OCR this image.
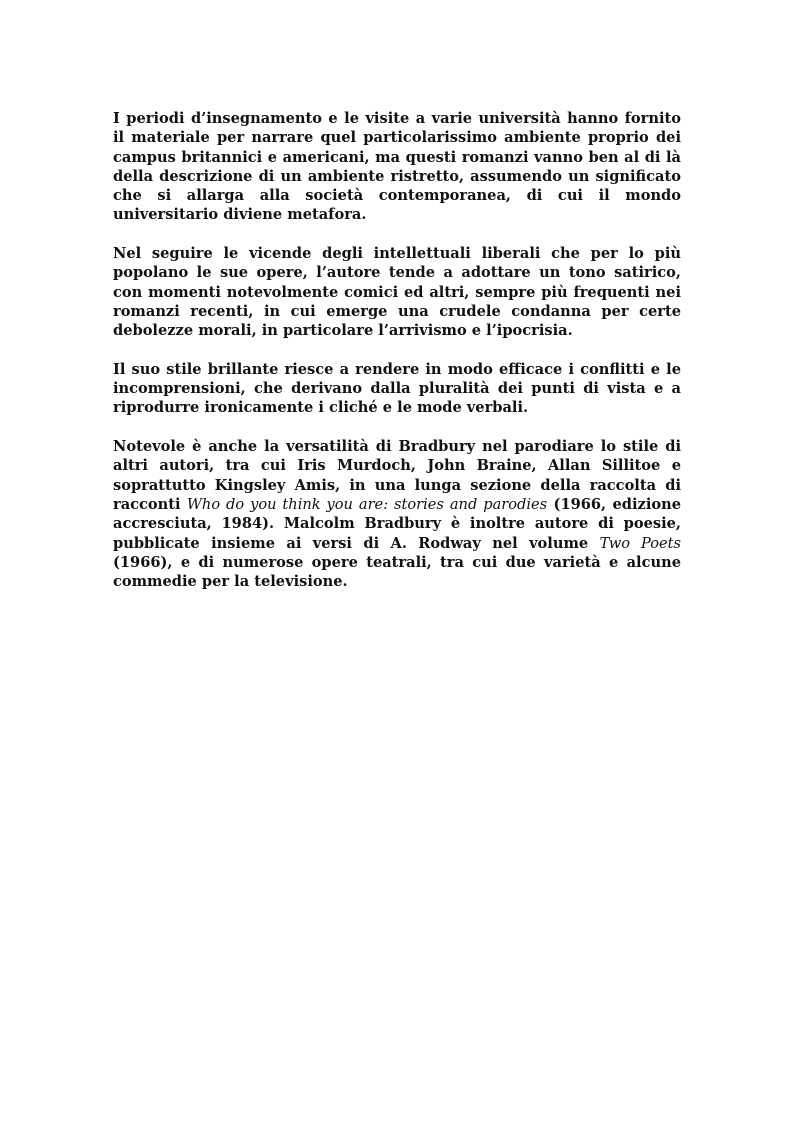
I periodi d’insegnamento e le visite a varie università hanno fornito il materiale per narrare quel particolarissimo ambiente proprio dei campus britannici e americani, ma questi romanzi vanno ben al di là della descrizione di un ambiente ristretto, assumendo un significato che si allarga alla società contemporanea, di cui il mondo universitario diviene metafora.

Nel seguire le vicende degli intellettuali liberali che per lo più popolano le sue opere, l’autore tende a adottare un tono satirico, con momenti notevolmente comici ed altri, sempre più frequenti nei romanzi recenti, in cui emerge una crudele condanna per certe debolezze morali, in particolare l’arrivismo e l’ipocrisia.

Il suo stile brillante riesce a rendere in modo efficace i conflitti e le incomprensioni, che derivano dalla pluralità dei punti di vista e a riprodurre ironicamente i cliché e le mode verbali.

Notevole è anche la versatilità di Bradbury nel parodiare lo stile di altri autori, tra cui Iris Murdoch, John Braine, Allan Sillitoe e soprattutto Kingsley Amis, in una lunga sezione della raccolta di racconti Who do you think you are: stories and parodies (1966, edizione accresciuta, 1984). Malcolm Bradbury è inoltre autore di poesie, pubblicate insieme ai versi di A. Rodway nel volume Two Poets (1966), e di numerose opere teatrali, tra cui due varietà e alcune commedie per la televisione.
